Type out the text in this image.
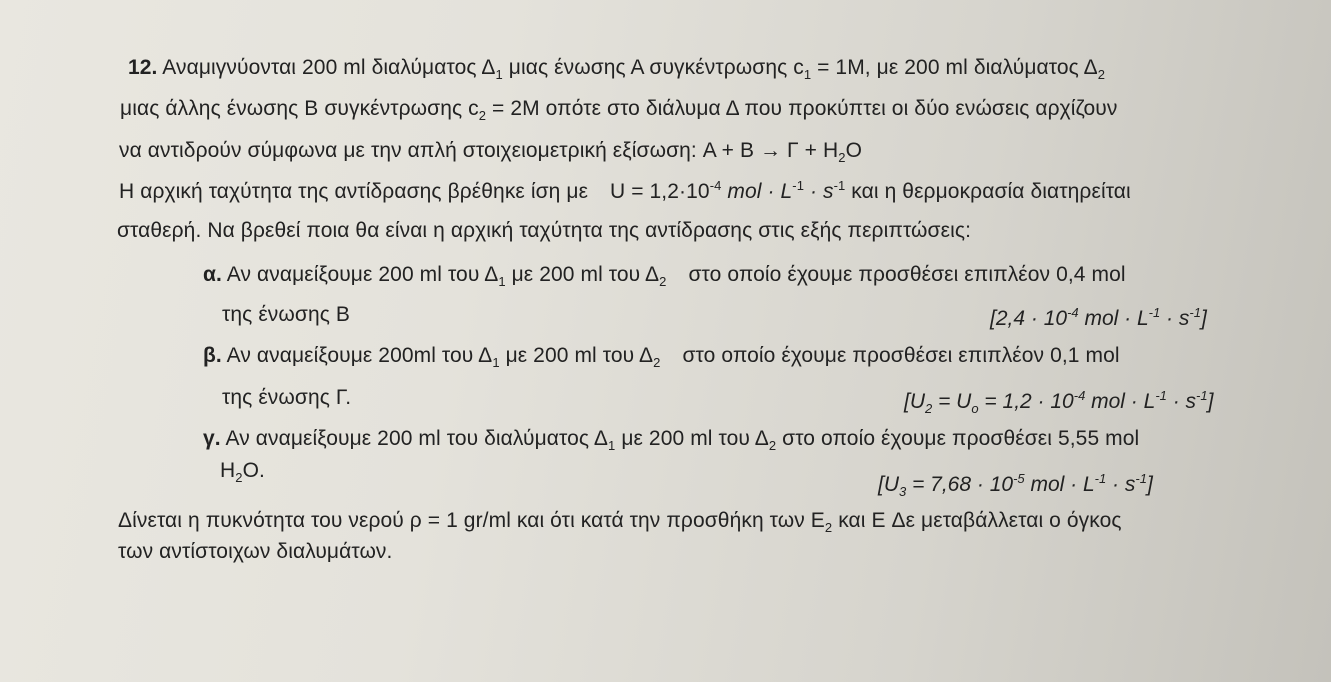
12. Αναμιγνύονται 200 ml διαλύματος $\Delta_1$ μιας ένωσης Α συγκέντρωσης $c_1 = 1M$, με 200 ml διαλύματος $\Delta_2$
μιας άλλης ένωσης Β συγκέντρωσης $c_2 = 2M$ οπότε στο διάλυμα Δ που προκύπτει οι δύο ενώσεις αρχίζουν
να αντιδρούν σύμφωνα με την απλή στοιχειομετρική εξίσωση: $A + B \to \Gamma + H_2O$
Η αρχική ταχύτητα της αντίδρασης βρέθηκε ίση με $U = 1,2\cdot 10^{-4}$ mol · $L^{-1} \cdot s^{-1}$ και η θερμοκρασία διατηρείται
σταθερή. Να βρεθεί ποια θα είναι η αρχική ταχύτητα της αντίδρασης στις εξής περιπτώσεις:
α. Αν αναμείξουμε 200 ml του $\Delta_1$ με 200 ml του $\Delta_2$ στο οποίο έχουμε προσθέσει επιπλέον 0,4 mol
της ένωσης Β	[$2,4 \cdot 10^{-4}$ mol · $L^{-1} \cdot s^{-1}$]
β. Αν αναμείξουμε 200ml του $\Delta_1$ με 200 ml του $\Delta_2$ στο οποίο έχουμε προσθέσει επιπλέον 0,1 mol
της ένωσης Γ.	[$U_2 = U_o = 1,2 \cdot 10^{-4}$ mol · $L^{-1} \cdot s^{-1}$]
γ. Αν αναμείξουμε 200 ml του διαλύματος $\Delta_1$ με 200 ml του $\Delta_2$ στο οποίο έχουμε προσθέσει 5,55 mol
$H_2O$.
[$U_3 = 7,68 \cdot 10^{-5}$ mol · $L^{-1} \cdot s^{-1}$]
Δίνεται η πυκνότητα του νερού ρ = 1 gr/ml και ότι κατά την προσθήκη των $E_2$ και E Δε μεταβάλλεται ο όγκος
των αντίστοιχων διαλυμάτων.
